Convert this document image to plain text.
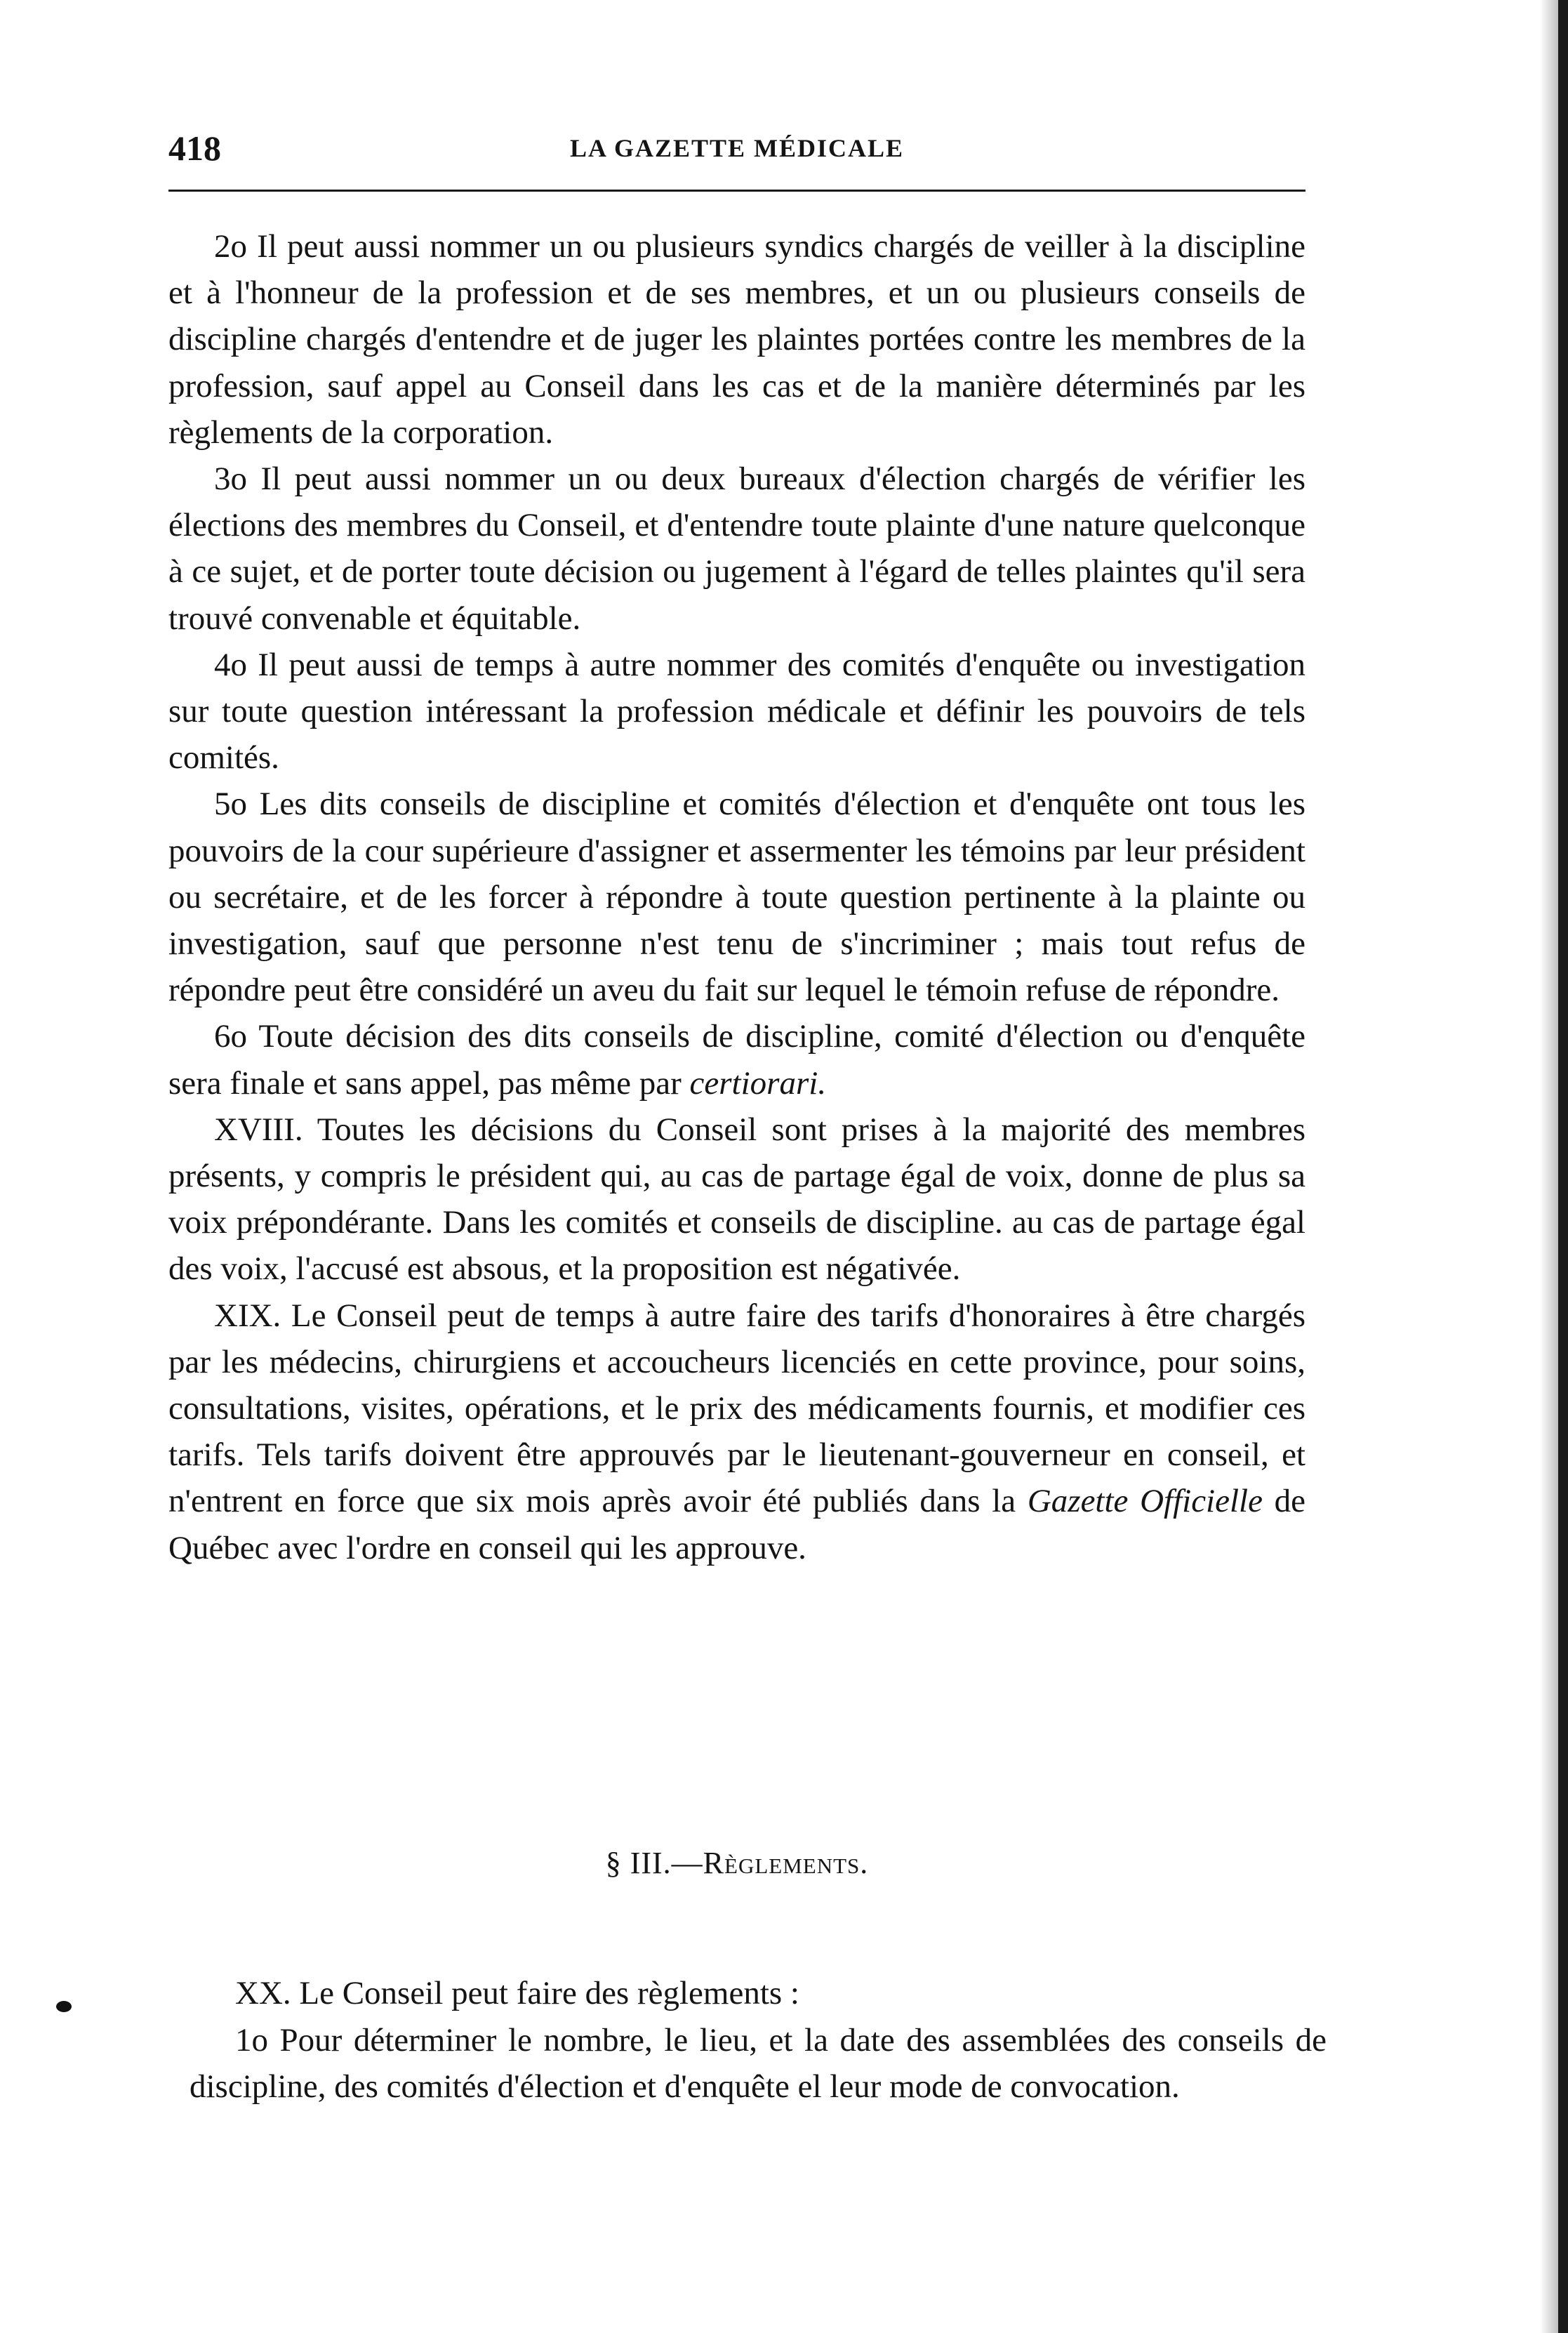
418	LA GAZETTE MÉDICALE

2o Il peut aussi nommer un ou plusieurs syndics chargés de veiller à la discipline et à l'honneur de la profession et de ses membres, et un ou plusieurs conseils de discipline chargés d'entendre et de juger les plaintes portées contre les membres de la profession, sauf appel au Conseil dans les cas et de la manière déterminés par les règlements de la corporation.

3o Il peut aussi nommer un ou deux bureaux d'élection chargés de vérifier les élections des membres du Conseil, et d'entendre toute plainte d'une nature quelconque à ce sujet, et de porter toute décision ou jugement à l'égard de telles plaintes qu'il sera trouvé convenable et équitable.

4o Il peut aussi de temps à autre nommer des comités d'enquête ou investigation sur toute question intéressant la profession médicale et définir les pouvoirs de tels comités.

5o Les dits conseils de discipline et comités d'élection et d'enquête ont tous les pouvoirs de la cour supérieure d'assigner et assermenter les témoins par leur président ou secrétaire, et de les forcer à répondre à toute question pertinente à la plainte ou investigation, sauf que personne n'est tenu de s'incriminer ; mais tout refus de répondre peut être considéré un aveu du fait sur lequel le témoin refuse de répondre.

6o Toute décision des dits conseils de discipline, comité d'élection ou d'enquête sera finale et sans appel, pas même par certiorari.

XVIII. Toutes les décisions du Conseil sont prises à la majorité des membres présents, y compris le président qui, au cas de partage égal de voix, donne de plus sa voix prépondérante. Dans les comités et conseils de discipline. au cas de partage égal des voix, l'accusé est absous, et la proposition est négativée.

XIX. Le Conseil peut de temps à autre faire des tarifs d'honoraires à être chargés par les médecins, chirurgiens et accoucheurs licenciés en cette province, pour soins, consultations, visites, opérations, et le prix des médicaments fournis, et modifier ces tarifs. Tels tarifs doivent être approuvés par le lieutenant-gouverneur en conseil, et n'entrent en force que six mois après avoir été publiés dans la Gazette Officielle de Québec avec l'ordre en conseil qui les approuve.

§ III.—Règlements.

XX. Le Conseil peut faire des règlements :

1o Pour déterminer le nombre, le lieu, et la date des assemblées des conseils de discipline, des comités d'élection et d'enquête el leur mode de convocation.
